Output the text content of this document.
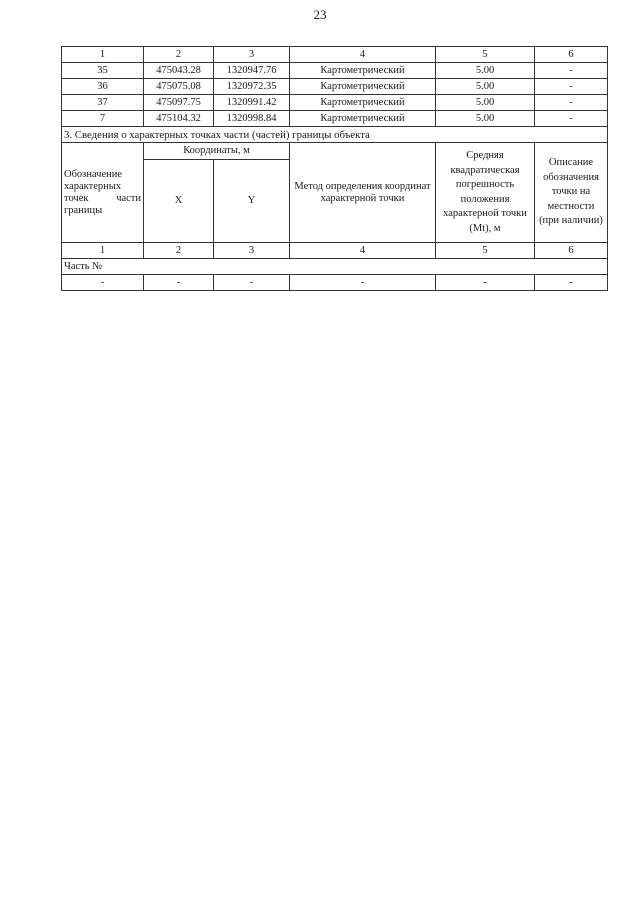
23
1	2	3	4	5	6
35	475043.28	1320947.76	Картометрический	5.00	-
36	475075.08	1320972.35	Картометрический	5.00	-
37	475097.75	1320991.42	Картометрический	5.00	-
7	475104.32	1320998.84	Картометрический	5.00	-
3. Сведения о характерных точках части (частей) границы объекта					
Обозначение характерных точек части границы	Координаты, м		Метод определения координат характерной точки	Средняя квадратическая погрешность положения характерной точки (Mt), м	Описание обозначения точки на местности (при наличии)
	X	Y			
1	2	3	4	5	6
Часть №					
-	-	-	-	-	-
